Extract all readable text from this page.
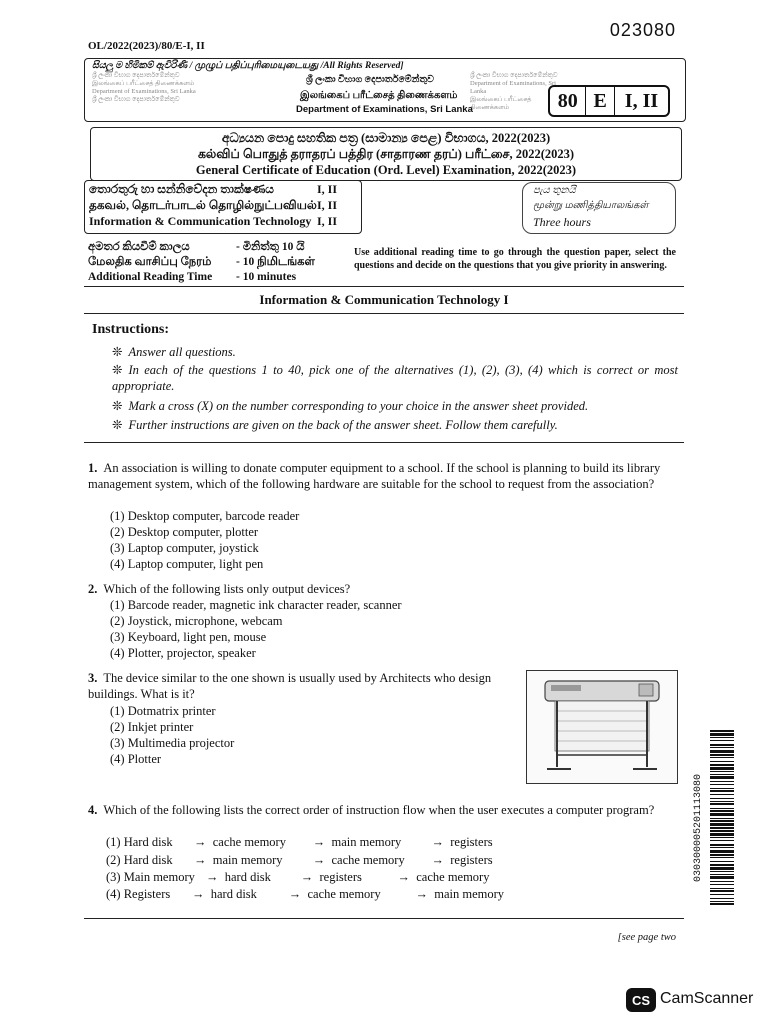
023080
OL/2022(2023)/80/E-I, II
සියලු ම හිමිකම් ඇවිරිණි / முழுப் பதிப்புரிமையுடையது /All Rights Reserved]
ශ්‍රී ලංකා විභාග දෙපාර්තමේන්තුව
இலங்கைப் பரீட்சைத் திணைக்களம்
Department of Examinations, Sri Lanka
ශ්‍රී ලංකා විභාග දෙපාර්තමේන්තුව
ශ්‍රී ලංකා විභාග දෙපාර්තමේන්තුව
Department of Examinations, Sri Lanka
இலங்கைப் பரீட்சைத் திணைக்களம்
ශ්‍රී ලංකා විභාග දෙපාර්තමේන්තුව
இலங்கைப் பரீட்சைத் திணைக்களம்
Department of Examinations, Sri Lanka	80 E I, II
අධ්‍යයන පොදු සහතික පත්‍ර (සාමාන්‍ය පෙළ) විභාගය, 2022(2023)
கல்விப் பொதுத் தராதரப் பத்திர (சாதாரண தரப்) பரீட்சை, 2022(2023)
General Certificate of Education (Ord. Level) Examination, 2022(2023)
තොරතුරු හා සන්නිවේදන තාක්ෂණය	I, II
தகவல், தொடர்பாடல் தொழில்நுட்பவியல் I, II
Information & Communication Technology I, II
පැය තුනයි
மூன்று மணித்தியாலங்கள்
Three hours
අමතර කියවීම් කාලය
மேலதிக வாசிப்பு நேரம்
Additional Reading Time
- මිනිත්තු 10 යි
- 10 நிமிடங்கள்
- 10 minutes
Use additional reading time to go through the question paper, select the questions and decide on the questions that you give priority in answering.
Information & Communication Technology I
Instructions:
❊ Answer all questions.
❊ In each of the questions 1 to 40, pick one of the alternatives (1), (2), (3), (4) which is correct or most appropriate.
❊ Mark a cross (X) on the number corresponding to your choice in the answer sheet provided.
❊ Further instructions are given on the back of the answer sheet. Follow them carefully.
1. An association is willing to donate computer equipment to a school. If the school is planning to build its library management system, which of the following hardware are suitable for the school to request from the association?
(1) Desktop computer, barcode reader
(2) Desktop computer, plotter
(3) Laptop computer, joystick
(4) Laptop computer, light pen
2. Which of the following lists only output devices?
(1) Barcode reader, magnetic ink character reader, scanner
(2) Joystick, microphone, webcam
(3) Keyboard, light pen, mouse
(4) Plotter, projector, speaker
3. The device similar to the one shown is usually used by Architects who design buildings. What is it?
(1) Dotmatrix printer
(2) Inkjet printer
(3) Multimedia projector
(4) Plotter
4. Which of the following lists the correct order of instruction flow when the user executes a computer program?
(1) Hard disk → cache memory → main memory → registers
(2) Hard disk → main memory → cache memory → registers
(3) Main memory → hard disk → registers	→ cache memory
(4) Registers → hard disk	→ cache memory	→ main memory
[see page two
030300005201113080
CS CamScanner
